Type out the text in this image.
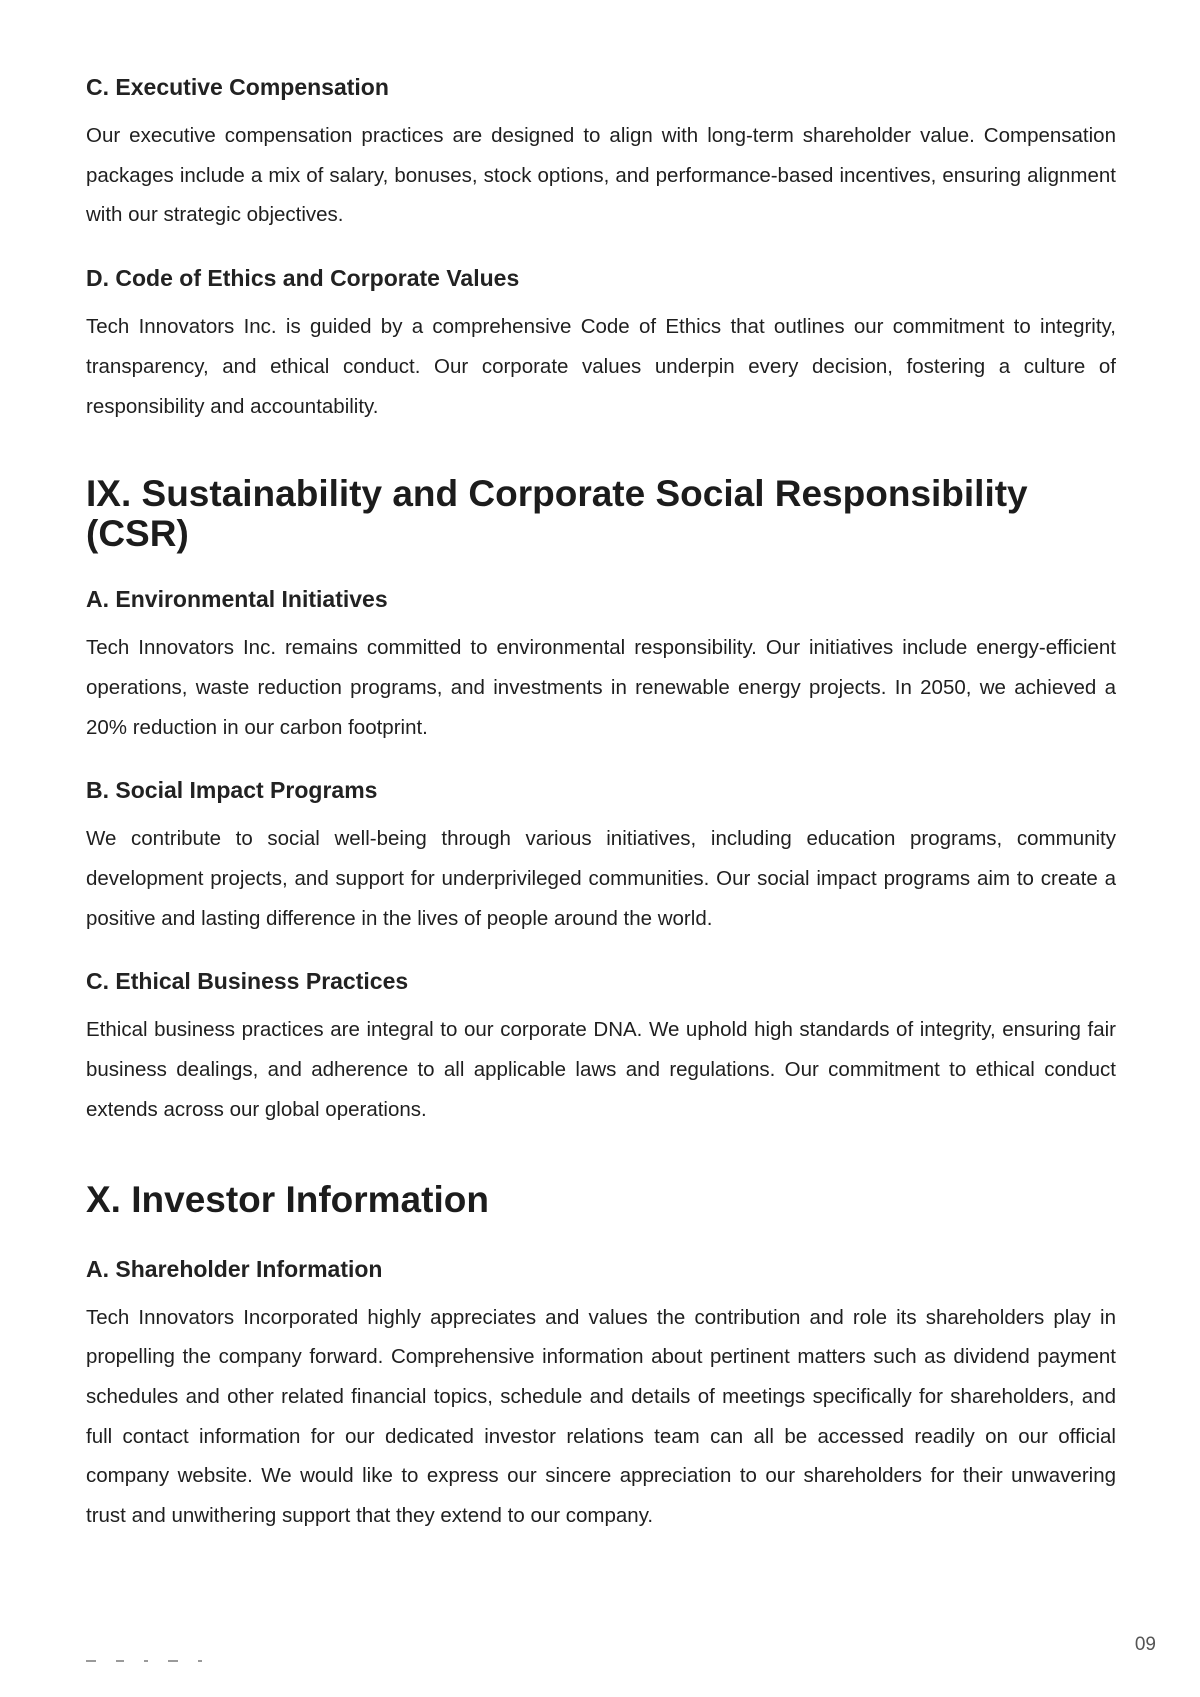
C. Executive Compensation

Our executive compensation practices are designed to align with long-term shareholder value. Compensation packages include a mix of salary, bonuses, stock options, and performance-based incentives, ensuring alignment with our strategic objectives.

D. Code of Ethics and Corporate Values

Tech Innovators Inc. is guided by a comprehensive Code of Ethics that outlines our commitment to integrity, transparency, and ethical conduct. Our corporate values underpin every decision, fostering a culture of responsibility and accountability.

IX. Sustainability and Corporate Social Responsibility (CSR)
A. Environmental Initiatives

Tech Innovators Inc. remains committed to environmental responsibility. Our initiatives include energy-efficient operations, waste reduction programs, and investments in renewable energy projects. In 2050, we achieved a 20% reduction in our carbon footprint.

B. Social Impact Programs

We contribute to social well-being through various initiatives, including education programs, community development projects, and support for underprivileged communities. Our social impact programs aim to create a positive and lasting difference in the lives of people around the world.

C. Ethical Business Practices

Ethical business practices are integral to our corporate DNA. We uphold high standards of integrity, ensuring fair business dealings, and adherence to all applicable laws and regulations. Our commitment to ethical conduct extends across our global operations.

X. Investor Information
A. Shareholder Information

Tech Innovators Incorporated highly appreciates and values the contribution and role its shareholders play in propelling the company forward. Comprehensive information about pertinent matters such as dividend payment schedules and other related financial topics, schedule and details of meetings specifically for shareholders, and full contact information for our dedicated investor relations team can all be accessed readily on our official company website. We would like to express our sincere appreciation to our shareholders for their unwavering trust and unwithering support that they extend to our company.

09
